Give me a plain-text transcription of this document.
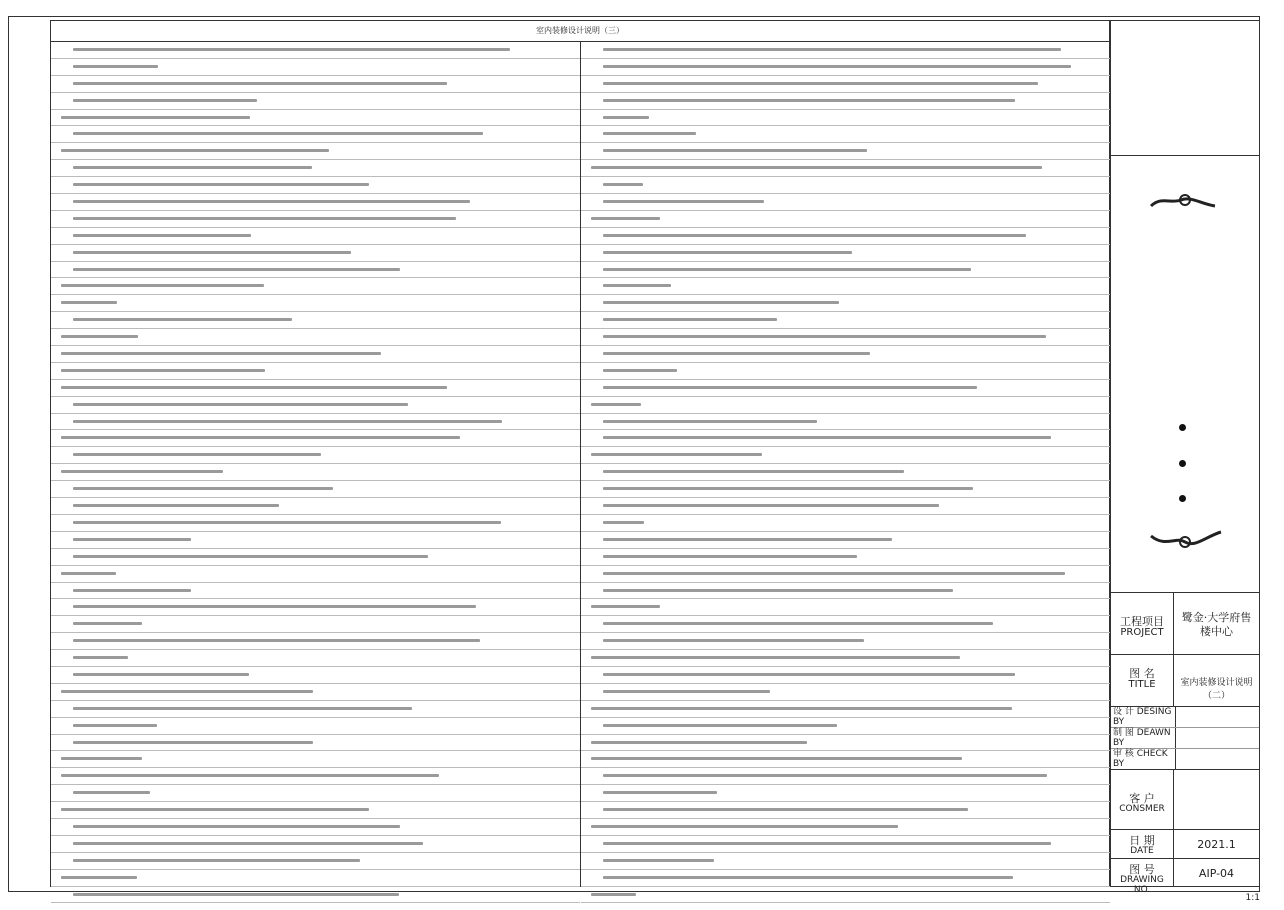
室内装修设计说明（三）
工程项目
PROJECT
鹭金·大学府售楼中心
图 名
TITLE	室内装修设计说明（二）
设 计 DESING BY
制 图 DEAWN BY
审 核 CHECK BY
客 户
CONSMER
日 期
DATE	2021.1
图 号
DRAWING NO.
AIP-04
1:1
